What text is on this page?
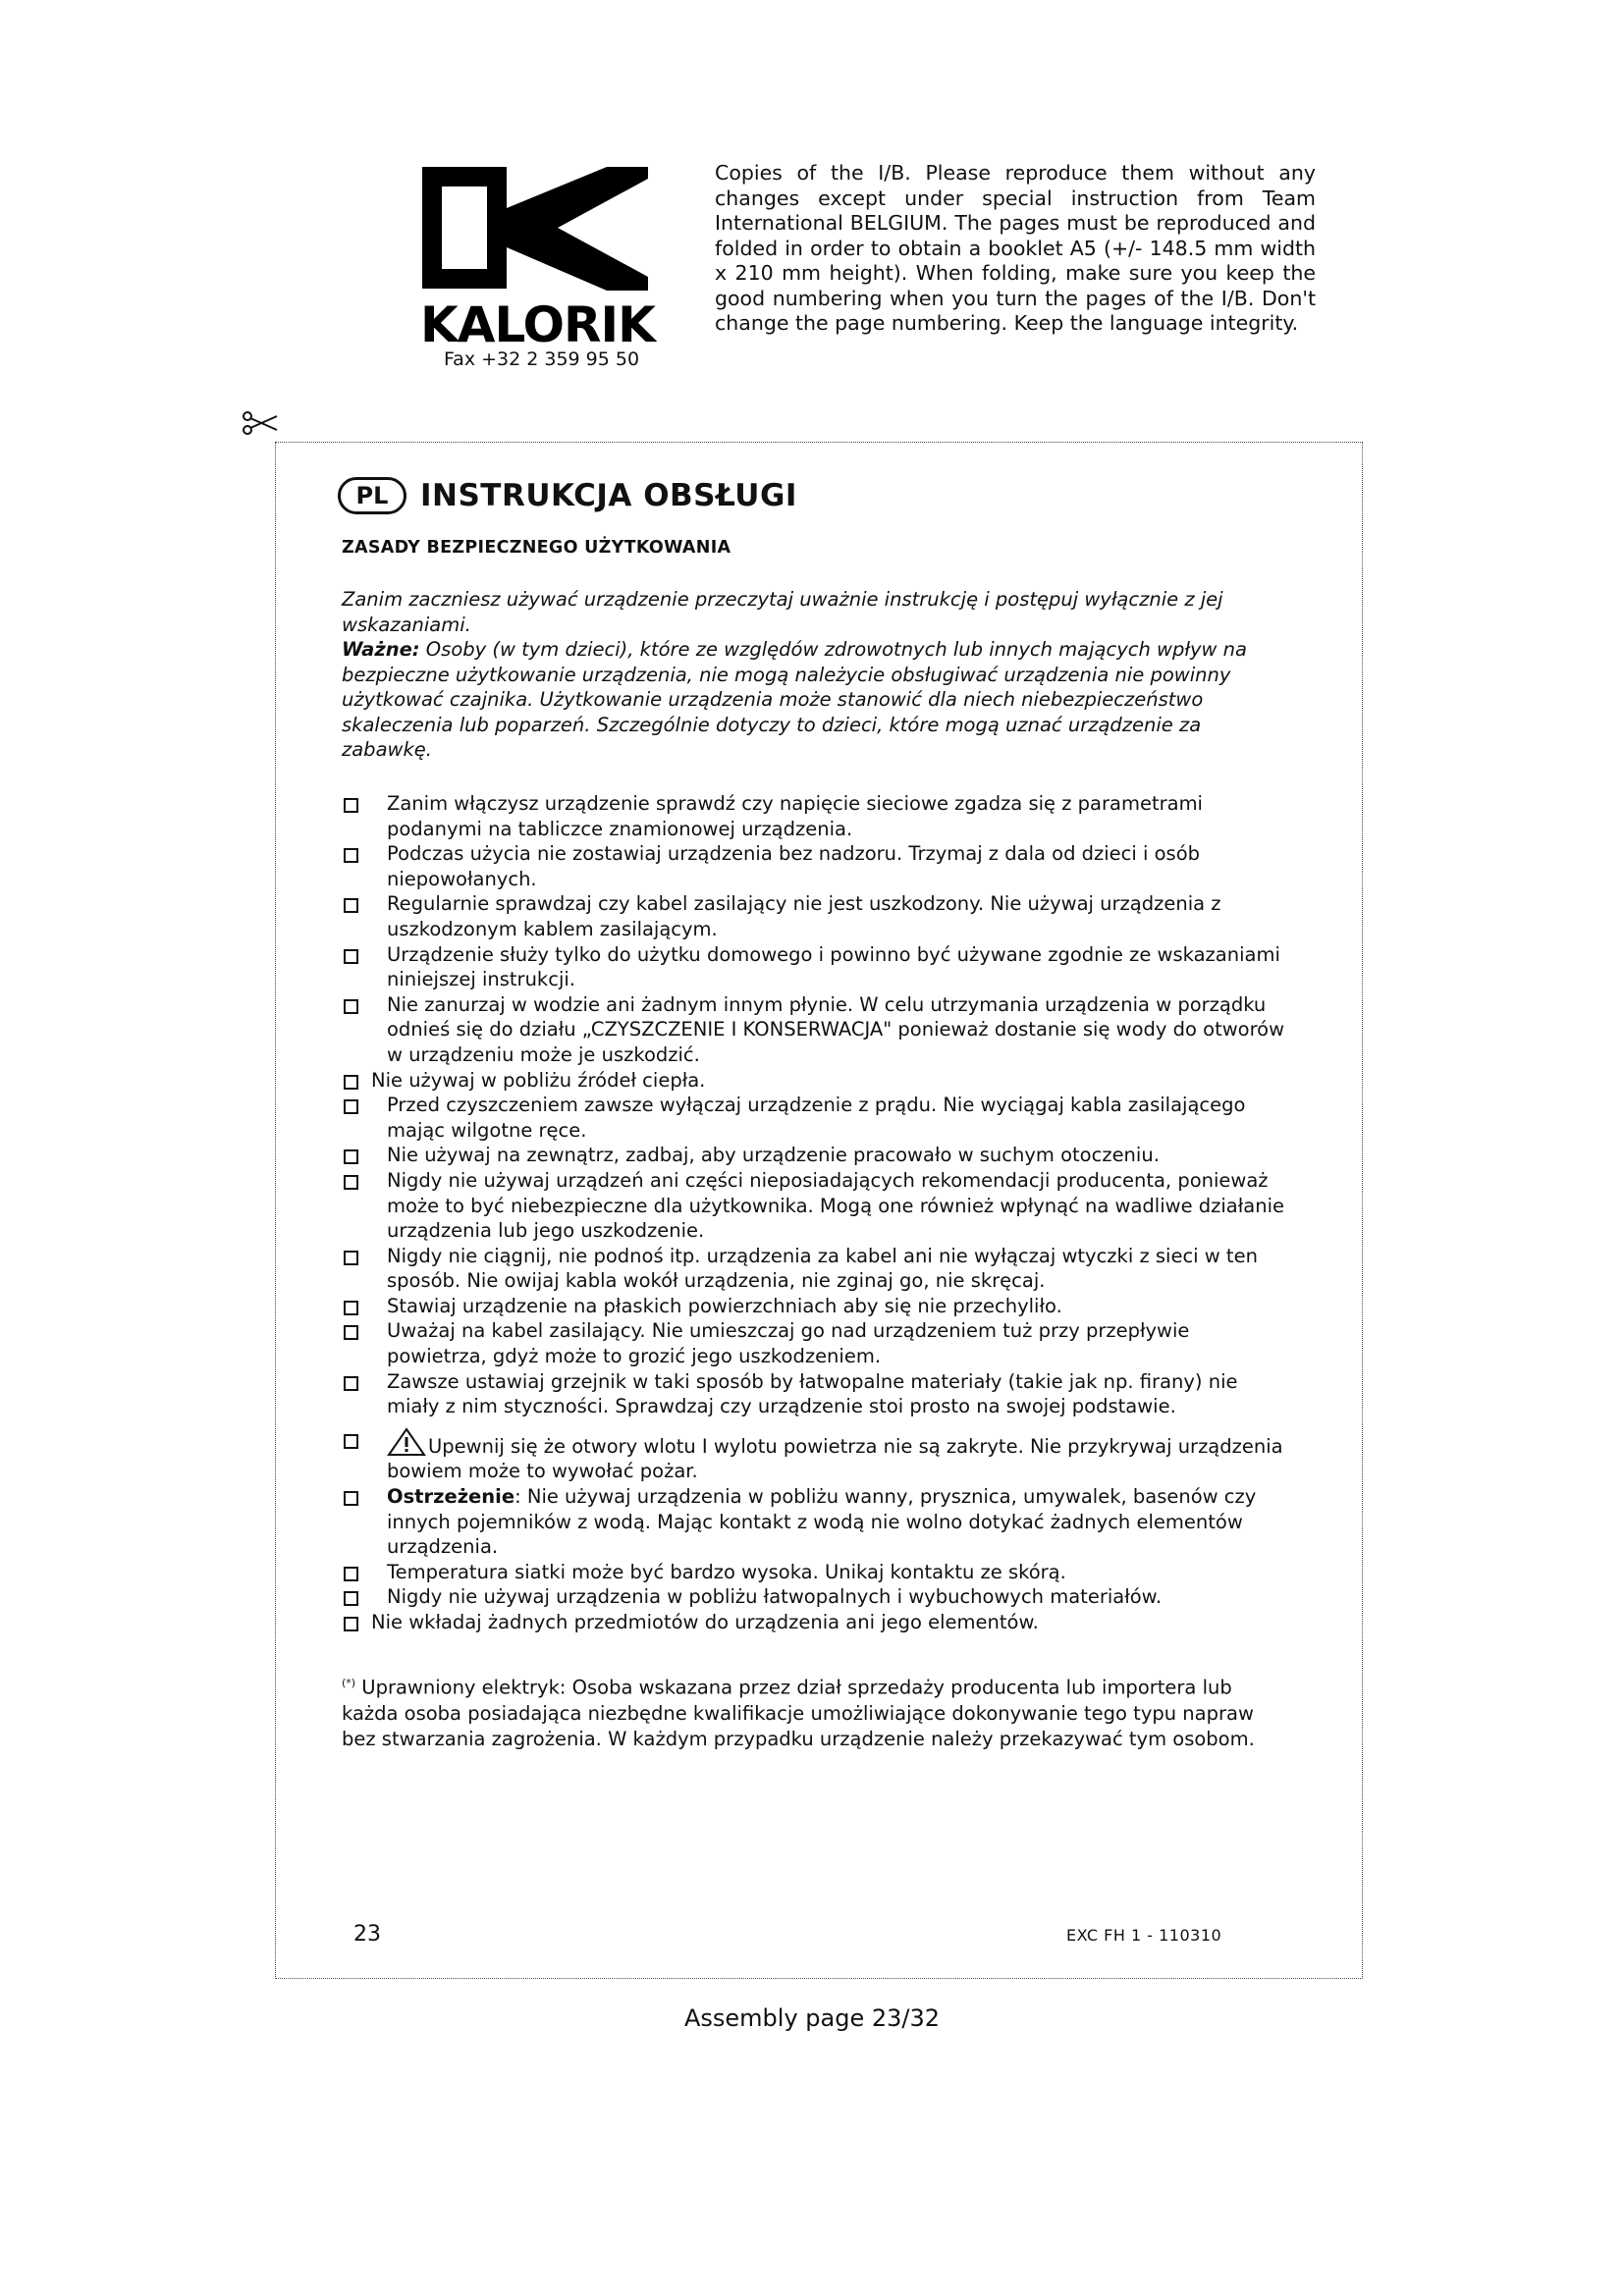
KALORIK
Fax +32 2 359 95 50
Copies of the I/B. Please reproduce them without any changes except under special instruction from Team International BELGIUM. The pages must be reproduced and folded in order to obtain a booklet A5 (+/- 148.5 mm width x 210 mm height). When folding, make sure you keep the good numbering when you turn the pages of the I/B. Don't change the page numbering. Keep the language integrity.
PL	INSTRUKCJA OBSŁUGI
ZASADY BEZPIECZNEGO UŻYTKOWANIA

Zanim zaczniesz używać urządzenie przeczytaj uważnie instrukcję i postępuj wyłącznie z jej wskazaniami.

Ważne: Osoby (w tym dzieci), które ze względów zdrowotnych lub innych mających wpływ na bezpieczne użytkowanie urządzenia, nie mogą należycie obsługiwać urządzenia nie powinny użytkować czajnika. Użytkowanie urządzenia może stanowić dla niech niebezpieczeństwo skaleczenia lub poparzeń. Szczególnie dotyczy to dzieci, które mogą uznać urządzenie za zabawkę.

Zanim włączysz urządzenie sprawdź czy napięcie sieciowe zgadza się z parametrami podanymi na tabliczce znamionowej urządzenia.
Podczas użycia nie zostawiaj urządzenia bez nadzoru. Trzymaj z dala od dzieci i osób niepowołanych.
Regularnie sprawdzaj czy kabel zasilający nie jest uszkodzony. Nie używaj urządzenia z uszkodzonym kablem zasilającym.
Urządzenie służy tylko do użytku domowego i powinno być używane zgodnie ze wskazaniami niniejszej instrukcji.
Nie zanurzaj w wodzie ani żadnym innym płynie. W celu utrzymania urządzenia w porządku odnieś się do działu „CZYSZCZENIE I KONSERWACJA" ponieważ dostanie się wody do otworów w urządzeniu może je uszkodzić.
Nie używaj w pobliżu źródeł ciepła.
Przed czyszczeniem zawsze wyłączaj urządzenie z prądu. Nie wyciągaj kabla zasilającego mając wilgotne ręce.
Nie używaj na zewnątrz, zadbaj, aby urządzenie pracowało w suchym otoczeniu.
Nigdy nie używaj urządzeń ani części nieposiadających rekomendacji producenta, ponieważ może to być niebezpieczne dla użytkownika. Mogą one również wpłynąć na wadliwe działanie urządzenia lub jego uszkodzenie.
Nigdy nie ciągnij, nie podnoś itp. urządzenia za kabel ani nie wyłączaj wtyczki z sieci w ten sposób. Nie owijaj kabla wokół urządzenia, nie zginaj go, nie skręcaj.
Stawiaj urządzenie na płaskich powierzchniach aby się nie przechyliło.
Uważaj na kabel zasilający. Nie umieszczaj go nad urządzeniem tuż przy przepływie powietrza, gdyż może to grozić jego uszkodzeniem.
Zawsze ustawiaj grzejnik w taki sposób by łatwopalne materiały (takie jak np. firany) nie miały z nim styczności. Sprawdzaj czy urządzenie stoi prosto na swojej podstawie.
Upewnij się że otwory wlotu I wylotu powietrza nie są zakryte. Nie przykrywaj urządzenia bowiem może to wywołać pożar.
Ostrzeżenie: Nie używaj urządzenia w pobliżu wanny, prysznica, umywalek, basenów czy innych pojemników z wodą. Mając kontakt z wodą nie wolno dotykać żadnych elementów urządzenia.
Temperatura siatki może być bardzo wysoka. Unikaj kontaktu ze skórą.
Nigdy nie używaj urządzenia w pobliżu łatwopalnych i wybuchowych materiałów.
Nie wkładaj żadnych przedmiotów do urządzenia ani jego elementów.
(*) Uprawniony elektryk: Osoba wskazana przez dział sprzedaży producenta lub importera lub każda osoba posiadająca niezbędne kwalifikacje umożliwiające dokonywanie tego typu napraw bez stwarzania zagrożenia. W każdym przypadku urządzenie należy przekazywać tym osobom.
23	EXC FH 1 - 110310
Assembly page 23/32
